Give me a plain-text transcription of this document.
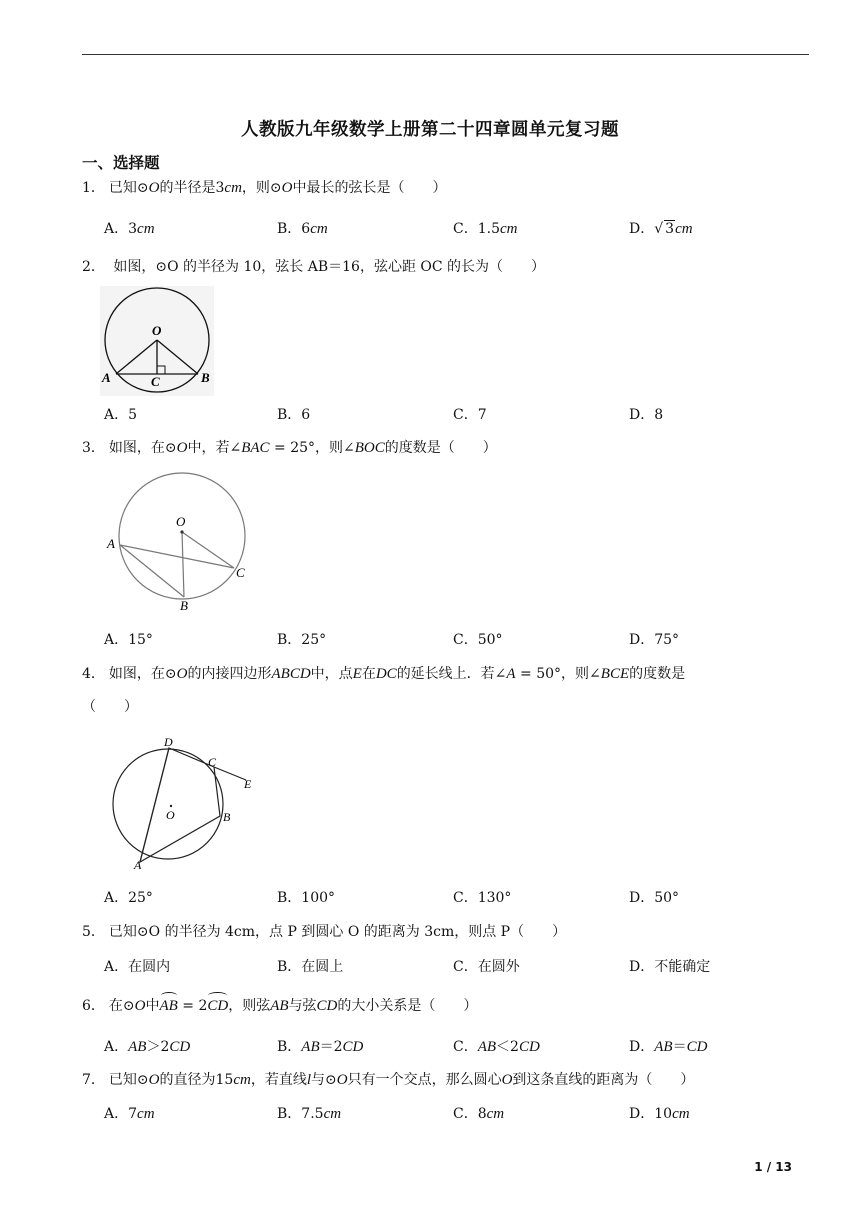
人教版九年级数学上册第二十四章圆单元复习题
一、选择题
1． 已知⊙O的半径是3cm，则⊙O中最长的弦长是（　　）
A．3cm	B．6cm	C．1.5cm	D．√ 3cm
2． 如图，⊙O 的半径为 10，弦长 AB＝16，弦心距 OC 的长为（　　）
O
A	B
C
A．5	B．6	C．7	D．8
3． 如图，在⊙O中，若∠BAC = 25°，则∠BOC的度数是（　　）
O
A
C
B
A．15°	B．25°	C．50°	D．75°
4． 如图，在⊙O的内接四边形ABCD中，点E在DC的延长线上．若∠A = 50°，则∠BCE的度数是
（　　）
D
C
E
O	B
A
A．25°	B．100°	C．130°	D．50°
5． 已知⊙O 的半径为 4cm，点 P 到圆心 O 的距离为 3cm，则点 P（　　）
A．在圆内	B．在圆上	C．在圆外	D．不能确定
6． 在⊙O中AB = 2CD，则弦AB与弦CD的大小关系是（　　）
A．AB＞2CD	B．AB＝2CD	C．AB＜2CD	D．AB＝CD
7． 已知⊙O的直径为15cm，若直线l与⊙O只有一个交点，那么圆心O到这条直线的距离为（　　）
A．7cm	B．7.5cm	C．8cm	D．10cm
1 / 13
